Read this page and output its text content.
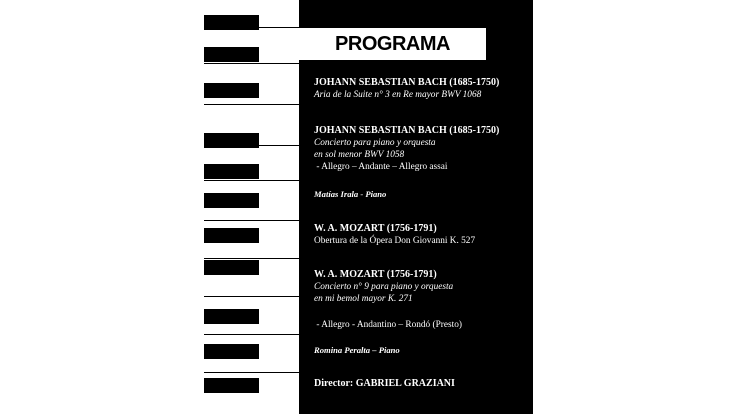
PROGRAMA
JOHANN SEBASTIAN BACH (1685-1750)
Aria de la Suite n° 3 en Re mayor BWV 1068
JOHANN SEBASTIAN BACH (1685-1750)
Concierto para piano y orquesta
en sol menor BWV 1058
- Allegro – Andante – Allegro assai
Matías Irala - Piano
W. A. MOZART (1756-1791)
Obertura de la Ópera Don Giovanni K. 527
W. A. MOZART (1756-1791)
Concierto n° 9 para piano y orquesta
en mi bemol mayor K. 271
- Allegro - Andantino – Rondó (Presto)
Romina Peralta – Piano
Director: GABRIEL GRAZIANI
